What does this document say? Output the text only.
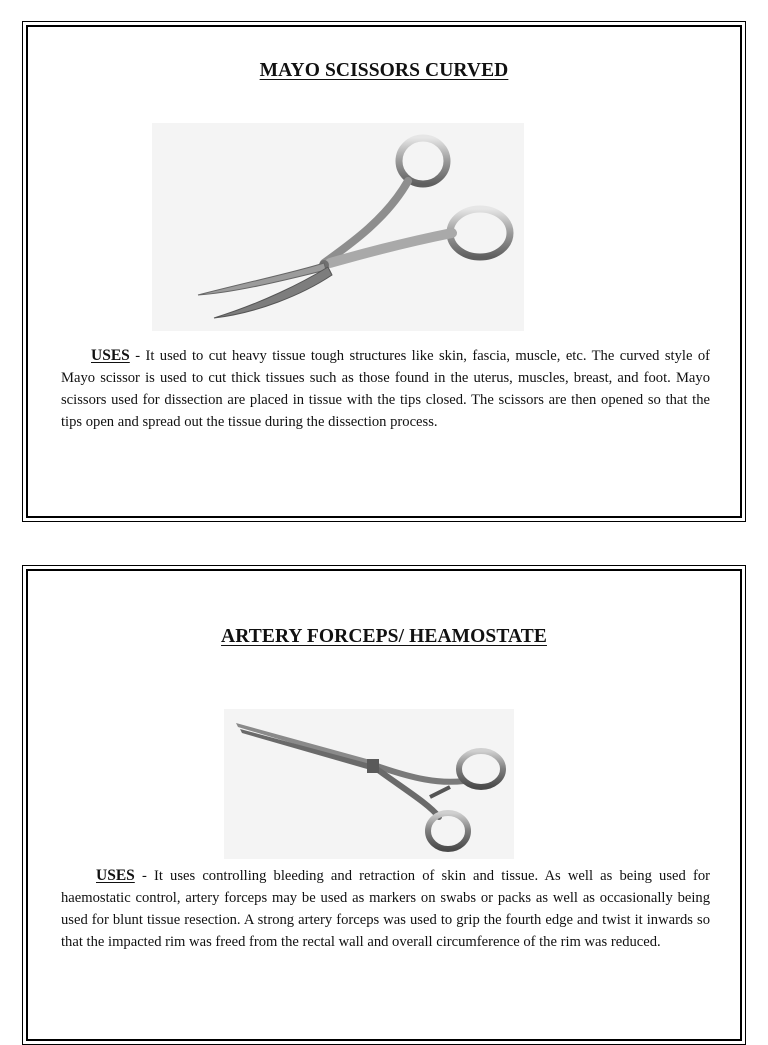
MAYO SCISSORS CURVED
USES - It used to cut heavy tissue tough structures like skin, fascia, muscle, etc. The curved style of Mayo scissor is used to cut thick tissues such as those found in the uterus, muscles, breast, and foot. Mayo scissors used for dissection are placed in tissue with the tips closed. The scissors are then opened so that the tips open and spread out the tissue during the dissection process.
ARTERY FORCEPS/ HEAMOSTATE
USES - It uses controlling bleeding and retraction of skin and tissue. As well as being used for haemostatic control, artery forceps may be used as markers on swabs or packs as well as occasionally being used for blunt tissue resection. A strong artery forceps was used to grip the fourth edge and twist it inwards so that the impacted rim was freed from the rectal wall and overall circumference of the rim was reduced.
